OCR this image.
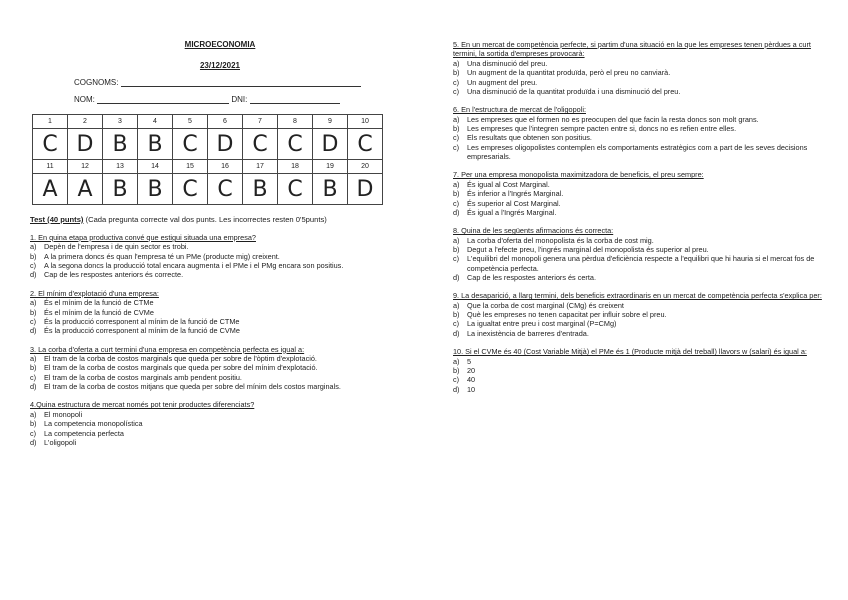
MICROECONOMIA
23/12/2021
COGNOMS:
NOM:	DNI:
1	2	3	4	5	6	7	8	9	10
C	D	B	B	C	D	C	C	D	C
11	12	13	14	15	16	17	18	19	20
A	A	B	B	C	C	B	C	B	D
Test (40 punts) (Cada pregunta correcte val dos punts. Les incorrectes resten 0'5punts)
1. En quina etapa productiva convé que estigui situada una empresa?
a)	Depèn de l'empresa i de quin sector es trobi.
b)	A la primera doncs és quan l'empresa té un PMe (producte mig) creixent.
c)	A la segona doncs la producció total encara augmenta i el PMe i el PMg encara son positius.
d)	Cap de les respostes anteriors és correcte.
2. El mínim d'explotació d'una empresa:
a)	És el mínim de la funció de CTMe
b)	És el mínim de la funció de CVMe
c)	És la producció corresponent al mínim de la funció de CTMe
d)	És la producció corresponent al mínim de la funció de CVMe
3. La corba d'oferta a curt termini d'una empresa en competència perfecta es igual a:
a)	El tram de la corba de costos marginals que queda per sobre de l'òptim d'explotació.
b)	El tram de la corba de costos marginals que queda per sobre del mínim d'explotació.
c)	El tram de la corba de costos marginals amb pendent positiu.
d)	El tram de la corba de costos mitjans que queda per sobre del mínim dels costos marginals.
4.Quina estructura de mercat només pot tenir productes diferenciats?
a)	El monopoli
b)	La competencia monopolística
c)	La competencia perfecta
d)	L'oligopoli
5. En un mercat de competència perfecte, si partim d'una situació en la que les empreses tenen pèrdues a curt termini, la sortida d'empreses provocarà:
a)	Una disminució del preu.
b)	Un augment de la quantitat produïda, però el preu no canviarà.
c)	Un augment del preu.
c)	Una disminució de la quantitat produïda i una disminució del preu.
6. En l'estructura de mercat de l'oligopoli:
a)	Les empreses que el formen no es preocupen del que facin la resta doncs son molt grans.
b)	Les empreses que l'integren sempre pacten entre si, doncs no es refien entre elles.
c)	Els resultats que obtenen son positius.
c)	Les empreses oligopolistes contemplen els comportaments estratègics com a part de les seves decisions empresarials.
7. Per una empresa monopolista maximitzadora de beneficis, el preu sempre:
a)	És igual al Cost Marginal.
b)	És inferior a l'Ingrés Marginal.
c)	És superior al Cost Marginal.
d)	És igual a l'Ingrés Marginal.
8. Quina de les següents afirmacions és correcta:
a)	La corba d'oferta del monopolista és la corba de cost mig.
b)	Degut a l'efecte preu, l'ingrés marginal del monopolista és superior al preu.
c)	L'equilibri del monopoli genera una pèrdua d'eficiència respecte a l'equilibri que hi hauria si el mercat fos de competència perfecta.
d)	Cap de les respostes anteriors és certa.
9. La desaparició, a llarg termini, dels beneficis extraordinaris en un mercat de competència perfecta s'explica per:
a)	Que la corba de cost marginal (CMg) és creixent
b)	Què les empreses no tenen capacitat per influir sobre el preu.
c)	La igualtat entre preu i cost marginal (P=CMg)
d)	La inexistència de barreres d'entrada.
10. Si el CVMe és 40 (Cost Variable Mitjà) el PMe és 1 (Producte mitjà del treball) llavors w (salari) és igual a:
a)	5
b)	20
c)	40
d)	10
